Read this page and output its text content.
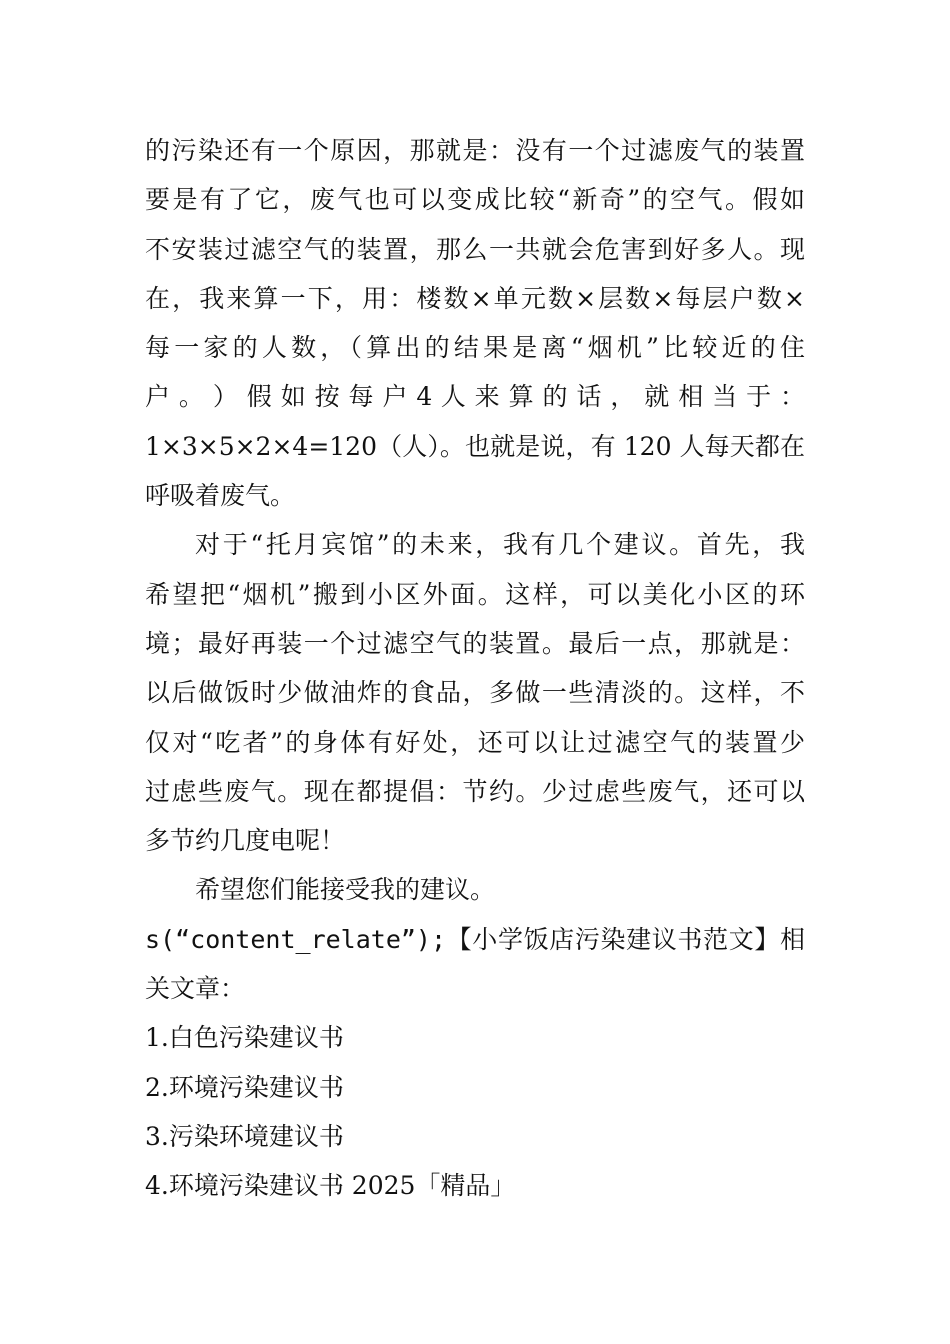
的污染还有一个原因，那就是：没有一个过滤废气的装置
要是有了它，废气也可以变成比较“新奇”的空气。假如
不安装过滤空气的装置，那么一共就会危害到好多人。现
在，我来算一下，用：楼数×单元数×层数×每层户数×
每一家的人数，（算出的结果是离“烟机”比较近的住
户 。 ） 假 如 按 每 户 4 人 来 算 的 话 ， 就 相 当 于 ：
1×3×5×2×4=120（人）。也就是说，有 120 人每天都在
呼吸着废气。
对于“托月宾馆”的未来，我有几个建议。首先，我
希望把“烟机”搬到小区外面。这样，可以美化小区的环
境；最好再装一个过滤空气的装置。最后一点，那就是：
以后做饭时少做油炸的食品，多做一些清淡的。这样，不
仅对“吃者”的身体有好处，还可以让过滤空气的装置少
过虑些废气。现在都提倡：节约。少过虑些废气，还可以
多节约几度电呢！
希望您们能接受我的建议。
s(“content_relate”);【小学饭店污染建议书范文】相
关文章：
1.白色污染建议书
2.环境污染建议书
3.污染环境建议书
4.环境污染建议书 2025「精品」
